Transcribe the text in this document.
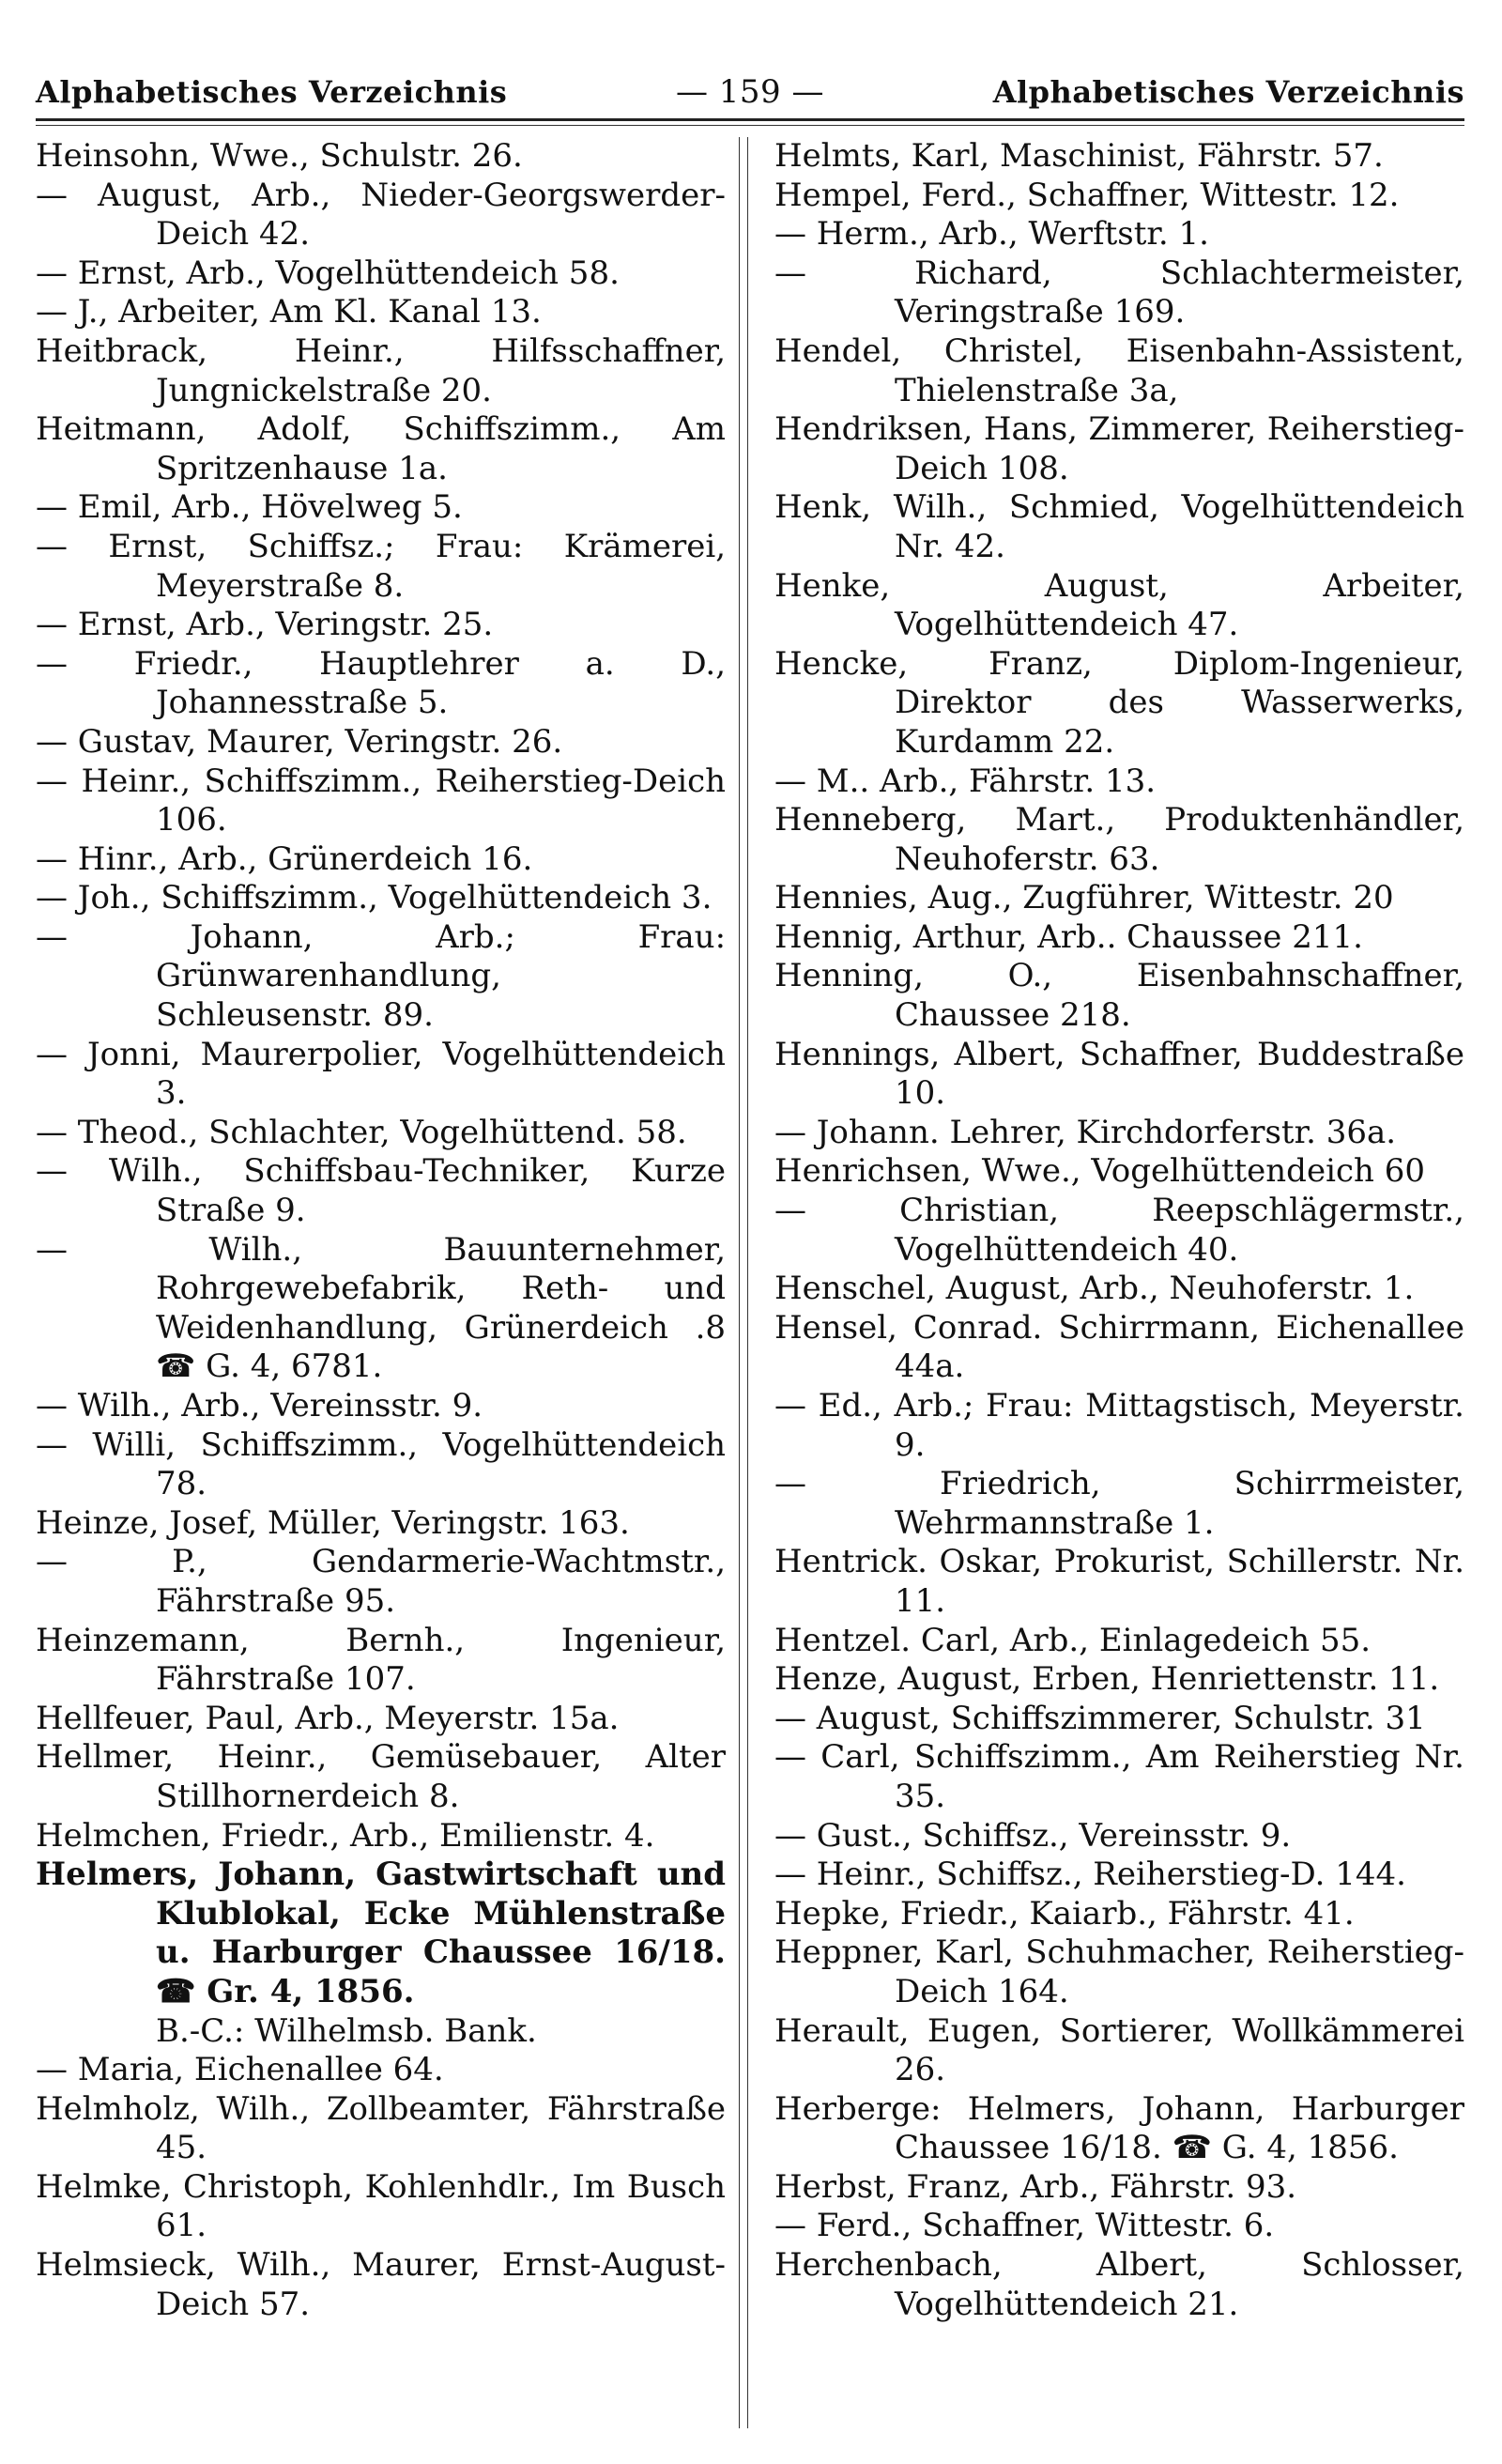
Alphabetisches Verzeichnis	— 159 —	Alphabetisches Verzeichnis
Heinsohn, Wwe., Schulstr. 26.
— August, Arb., Nieder-Georgswerder-Deich 42.
— Ernst, Arb., Vogelhüttendeich 58.
— J., Arbeiter, Am Kl. Kanal 13.
Heitbrack, Heinr., Hilfsschaffner, Jungnickelstraße 20.
Heitmann, Adolf, Schiffszimm., Am Spritzenhause 1a.
— Emil, Arb., Hövelweg 5.
— Ernst, Schiffsz.; Frau: Krämerei, Meyerstraße 8.
— Ernst, Arb., Veringstr. 25.
— Friedr., Hauptlehrer a. D., Johannesstraße 5.
— Gustav, Maurer, Veringstr. 26.
— Heinr., Schiffszimm., Reiherstieg-Deich 106.
— Hinr., Arb., Grünerdeich 16.
— Joh., Schiffszimm., Vogelhüttendeich 3.
— Johann, Arb.; Frau: Grünwarenhandlung, Schleusenstr. 89.
— Jonni, Maurerpolier, Vogelhüttendeich 3.
— Theod., Schlachter, Vogelhüttend. 58.
— Wilh., Schiffsbau-Techniker, Kurze Straße 9.
— Wilh., Bauunternehmer, Rohrgewebefabrik, Reth- und Weidenhandlung, Grünerdeich .8 ☎ G. 4, 6781.
— Wilh., Arb., Vereinsstr. 9.
— Willi, Schiffszimm., Vogelhüttendeich 78.
Heinze, Josef, Müller, Veringstr. 163.
— P., Gendarmerie-Wachtmstr., Fährstraße 95.
Heinzemann, Bernh., Ingenieur, Fährstraße 107.
Hellfeuer, Paul, Arb., Meyerstr. 15a.
Hellmer, Heinr., Gemüsebauer, Alter Stillhornerdeich 8.
Helmchen, Friedr., Arb., Emilienstr. 4.
Helmers, Johann, Gastwirtschaft und Klublokal, Ecke Mühlenstraße u. Harburger Chaussee 16/18. ☎ Gr. 4, 1856.
B.-C.: Wilhelmsb. Bank.
— Maria, Eichenallee 64.
Helmholz, Wilh., Zollbeamter, Fährstraße 45.
Helmke, Christoph, Kohlenhdlr., Im Busch 61.
Helmsieck, Wilh., Maurer, Ernst-August-Deich 57.
Helmts, Karl, Maschinist, Fährstr. 57.
Hempel, Ferd., Schaffner, Wittestr. 12.
— Herm., Arb., Werftstr. 1.
— Richard, Schlachtermeister, Veringstraße 169.
Hendel, Christel, Eisenbahn-Assistent, Thielenstraße 3a,
Hendriksen, Hans, Zimmerer, Reiherstieg-Deich 108.
Henk, Wilh., Schmied, Vogelhüttendeich Nr. 42.
Henke, August, Arbeiter, Vogelhüttendeich 47.
Hencke, Franz, Diplom-Ingenieur, Direktor des Wasserwerks, Kurdamm 22.
— M.. Arb., Fährstr. 13.
Henneberg, Mart., Produktenhändler, Neuhoferstr. 63.
Hennies, Aug., Zugführer, Wittestr. 20
Hennig, Arthur, Arb.. Chaussee 211.
Henning, O., Eisenbahnschaffner, Chaussee 218.
Hennings, Albert, Schaffner, Buddestraße 10.
— Johann. Lehrer, Kirchdorferstr. 36a.
Henrichsen, Wwe., Vogelhüttendeich 60
— Christian, Reepschlägermstr., Vogelhüttendeich 40.
Henschel, August, Arb., Neuhoferstr. 1.
Hensel, Conrad. Schirrmann, Eichenallee 44a.
— Ed., Arb.; Frau: Mittagstisch, Meyerstr. 9.
— Friedrich, Schirrmeister, Wehrmannstraße 1.
Hentrick. Oskar, Prokurist, Schillerstr. Nr. 11.
Hentzel. Carl, Arb., Einlagedeich 55.
Henze, August, Erben, Henriettenstr. 11.
— August, Schiffszimmerer, Schulstr. 31
— Carl, Schiffszimm., Am Reiherstieg Nr. 35.
— Gust., Schiffsz., Vereinsstr. 9.
— Heinr., Schiffsz., Reiherstieg-D. 144.
Hepke, Friedr., Kaiarb., Fährstr. 41.
Heppner, Karl, Schuhmacher, Reiherstieg-Deich 164.
Herault, Eugen, Sortierer, Wollkämmerei 26.
Herberge: Helmers, Johann, Harburger Chaussee 16/18. ☎ G. 4, 1856.
Herbst, Franz, Arb., Fährstr. 93.
— Ferd., Schaffner, Wittestr. 6.
Herchenbach, Albert, Schlosser, Vogelhüttendeich 21.
